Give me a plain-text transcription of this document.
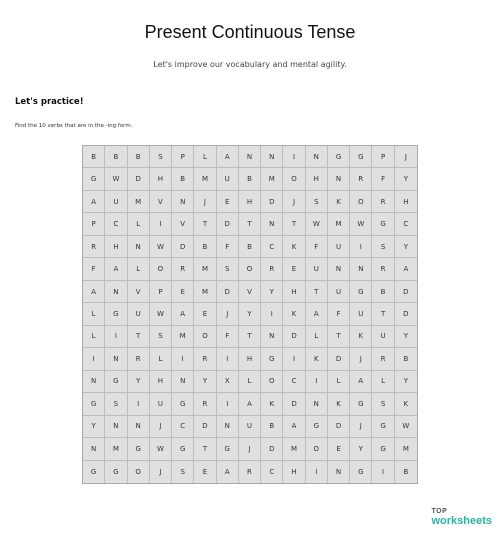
Present Continuous Tense
Let's improve our vocabulary and mental agility.
Let's practice!
Find the 10 verbs that are in the -ing form.
B	B	B	S	P	L	A	N	N	I	N	G	G	P	J
G	W	D	H	B	M	U	B	M	O	H	N	R	F	Y
A	U	M	V	N	J	E	H	D	J	S	K	O	R	H
P	C	L	I	V	T	D	T	N	T	W	M	W	G	C
R	H	N	W	D	B	F	B	C	K	F	U	I	S	Y
F	A	L	O	R	M	S	O	R	E	U	N	N	R	A
A	N	V	P	E	M	D	V	Y	H	T	U	G	B	D
L	G	U	W	A	E	J	Y	I	K	A	F	U	T	D
L	I	T	S	M	O	F	T	N	D	L	T	K	U	Y
I	N	R	L	I	R	I	H	G	I	K	D	J	R	B
N	G	Y	H	N	Y	X	L	O	C	I	L	A	L	Y
G	S	I	U	G	R	I	A	K	D	N	K	G	S	K
Y	N	N	J	C	D	N	U	B	A	G	D	J	G	W
N	M	G	W	G	T	G	J	D	M	O	E	Y	G	M
G	G	O	J	S	E	A	R	C	H	I	N	G	I	B
TOP
worksheets
